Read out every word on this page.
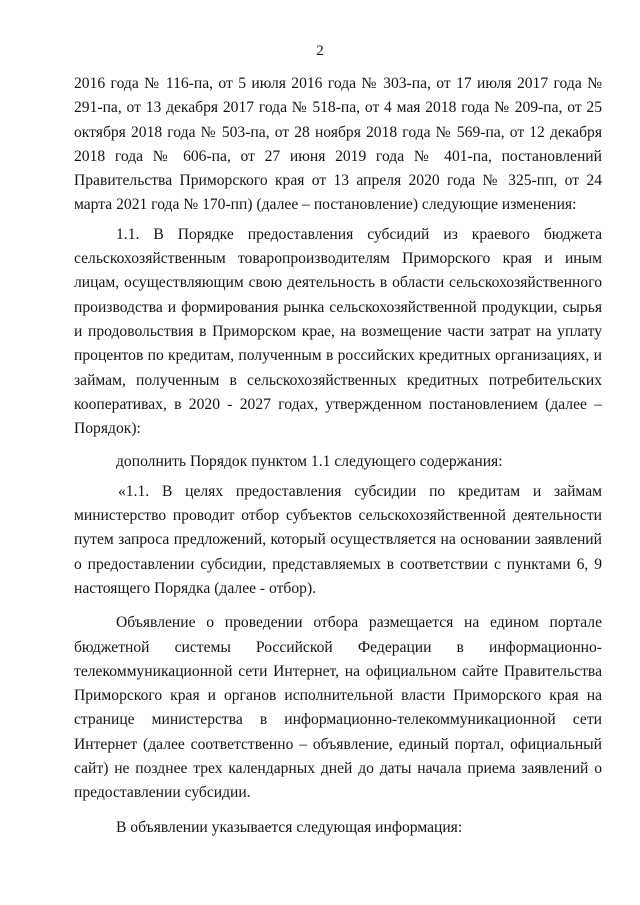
2

2016 года № 116-па, от 5 июля 2016 года № 303-па, от 17 июля 2017 года № 291-па, от 13 декабря 2017 года № 518-па, от 4 мая 2018 года № 209-па, от 25 октября 2018 года № 503-па, от 28 ноября 2018 года № 569-па, от 12 декабря 2018 года № 606-па, от 27 июня 2019 года № 401-па, постановлений Правительства Приморского края от 13 апреля 2020 года № 325-пп, от 24 марта 2021 года № 170-пп) (далее – постановление) следующие изменения:

1.1. В Порядке предоставления субсидий из краевого бюджета сельскохозяйственным товаропроизводителям Приморского края и иным лицам, осуществляющим свою деятельность в области сельскохозяйственного производства и формирования рынка сельскохозяйственной продукции, сырья и продовольствия в Приморском крае, на возмещение части затрат на уплату процентов по кредитам, полученным в российских кредитных организациях, и займам, полученным в сельскохозяйственных кредитных потребительских кооперативах, в 2020 - 2027 годах, утвержденном постановлением (далее – Порядок):

дополнить Порядок пунктом 1.1 следующего содержания:

«1.1. В целях предоставления субсидии по кредитам и займам министерство проводит отбор субъектов сельскохозяйственной деятельности путем запроса предложений, который осуществляется на основании заявлений о предоставлении субсидии, представляемых в соответствии с пунктами 6, 9 настоящего Порядка (далее - отбор).

Объявление о проведении отбора размещается на едином портале бюджетной системы Российской Федерации в информационно-телекоммуникационной сети Интернет, на официальном сайте Правительства Приморского края и органов исполнительной власти Приморского края на странице министерства в информационно-телекоммуникационной сети Интернет (далее соответственно – объявление, единый портал, официальный сайт) не позднее трех календарных дней до даты начала приема заявлений о предоставлении субсидии.

В объявлении указывается следующая информация:
